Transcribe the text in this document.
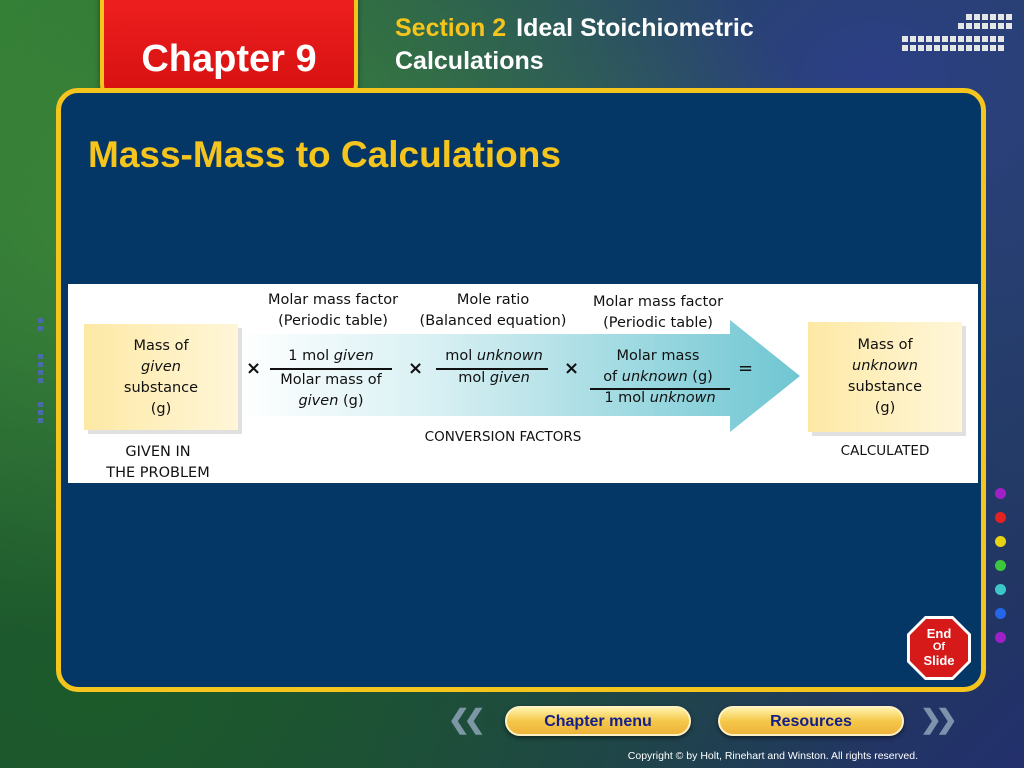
Chapter 9
Section 2 Ideal Stoichiometric Calculations
Mass-Mass to Calculations
Mass of
given
substance
(g)
GIVEN IN
THE PROBLEM
Molar mass factor
(Periodic table)
×
1 mol given
Molar mass of
given (g)
Mole ratio
(Balanced equation)
×
mol unknown
mol given
Molar mass factor
(Periodic table)
×
Molar mass
of unknown (g)
1 mol unknown
=
CONVERSION FACTORS
Mass of
unknown
substance
(g)
CALCULATED
End
Of
Slide
❮❮	Chapter menu	Resources	❯❯
Copyright © by Holt, Rinehart and Winston. All rights reserved.
